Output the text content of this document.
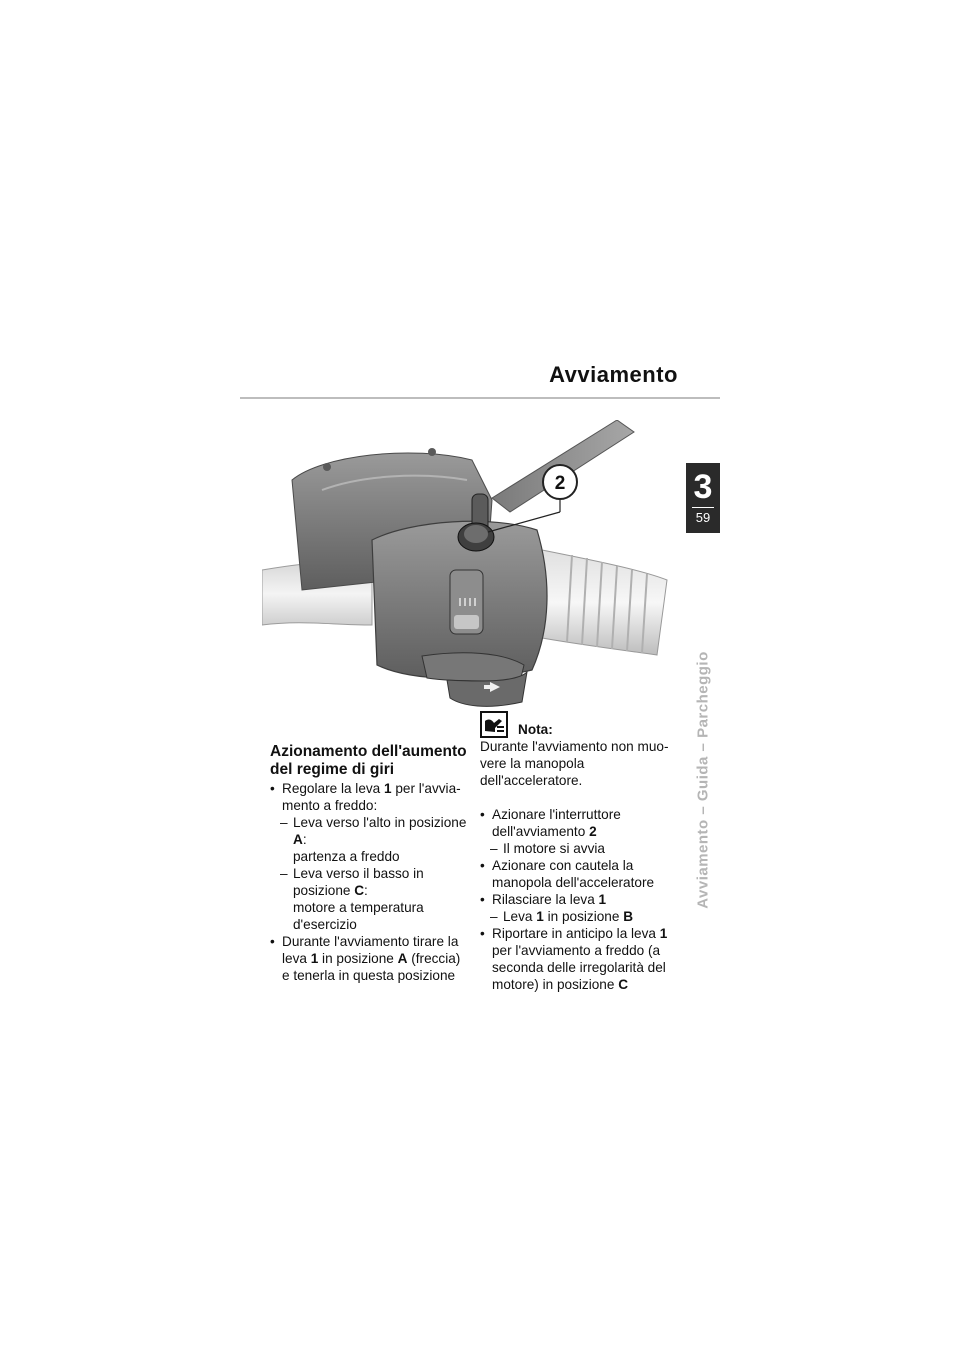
Avviamento
3
59
Avviamento – Guida – Parcheggio
2
Azionamento dell'aumento del regime di giri
• Regolare la leva 1 per l'avvia-mento a freddo:
– Leva verso l'alto in posizione A:
partenza a freddo
– Leva verso il basso in posizione C:
motore a temperatura d'esercizio
• Durante l'avviamento tirare la leva 1 in posizione A (freccia) e tenerla in questa posizione
Nota:
Durante l'avviamento non muo-vere la manopola dell'acceleratore.
• Azionare l'interruttore dell'avviamento 2
– Il motore si avvia
• Azionare con cautela la manopola dell'acceleratore
• Rilasciare la leva 1
– Leva 1 in posizione B
• Riportare in anticipo la leva 1 per l'avviamento a freddo (a seconda delle irregolarità del motore) in posizione C
